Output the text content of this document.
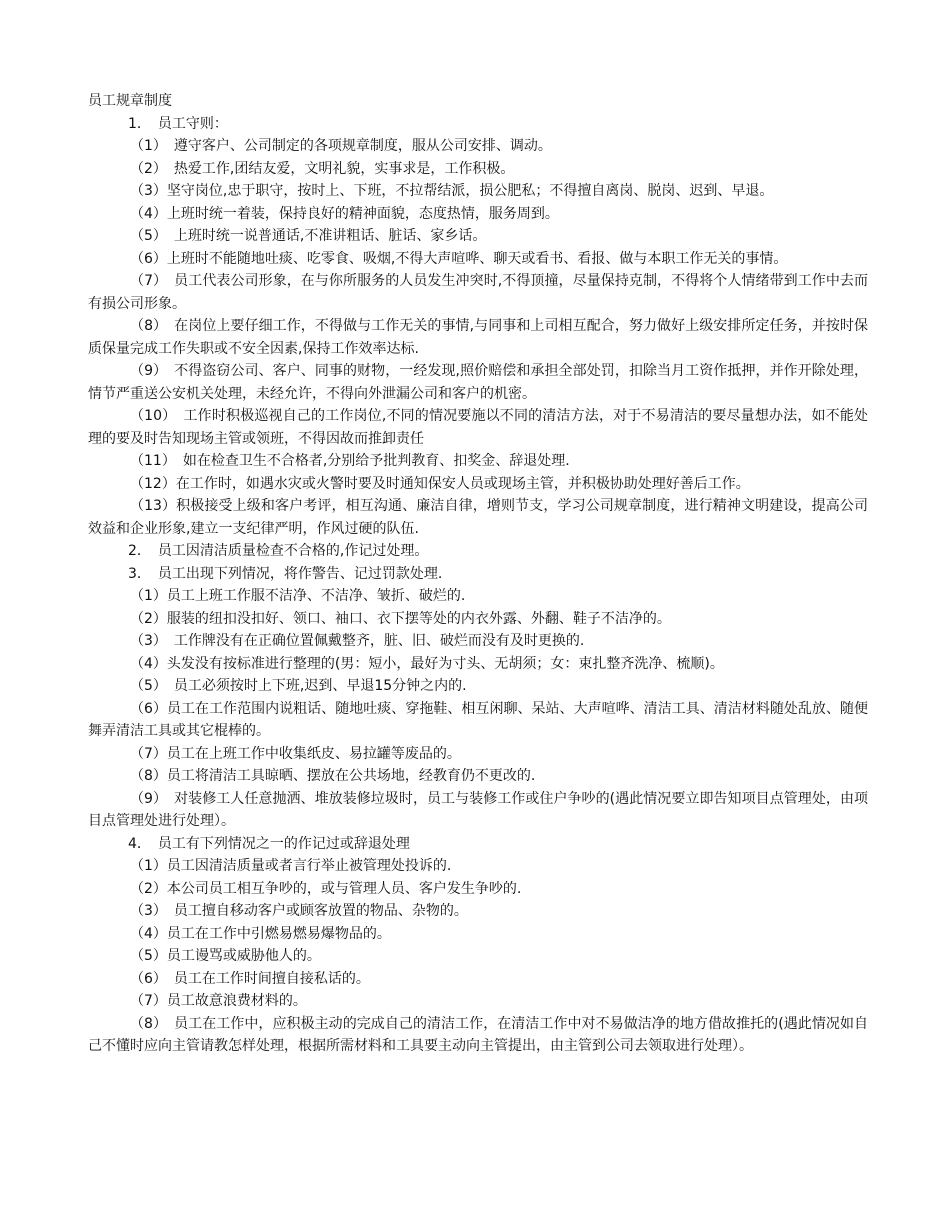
员工规章制度

1．　员工守则：

（1）　遵守客户、公司制定的各项规章制度，服从公司安排、调动。

（2）　热爱工作,团结友爱，文明礼貌，实事求是，工作积极。

（3）坚守岗位,忠于职守，按时上、下班，不拉帮结派，损公肥私；不得擅自离岗、脱岗、迟到、早退。

（4）上班时统一着装，保持良好的精神面貌，态度热情，服务周到。

（5）　上班时统一说普通话,不准讲粗话、脏话、家乡话。

（6）上班时不能随地吐痰、吃零食、吸烟,不得大声喧哗、聊天或看书、看报、做与本职工作无关的事情。

（7）　员工代表公司形象，在与你所服务的人员发生冲突时,不得顶撞，尽量保持克制，不得将个人情绪带到工作中去而有损公司形象。

（8）　在岗位上要仔细工作，不得做与工作无关的事情,与同事和上司相互配合，努力做好上级安排所定任务，并按时保质保量完成工作失职或不安全因素,保持工作效率达标.

（9）　不得盗窃公司、客户、同事的财物，一经发现,照价赔偿和承担全部处罚，扣除当月工资作抵押，并作开除处理，情节严重送公安机关处理，未经允许，不得向外泄漏公司和客户的机密。

（10）　工作时积极巡视自己的工作岗位,不同的情况要施以不同的清洁方法，对于不易清洁的要尽量想办法，如不能处理的要及时告知现场主管或领班，不得因故而推卸责任

（11）　如在检查卫生不合格者,分别给予批判教育、扣奖金、辞退处理.

（12）在工作时，如遇水灾或火警时要及时通知保安人员或现场主管，并积极协助处理好善后工作。

（13）积极接受上级和客户考评，相互沟通、廉洁自律，增则节支，学习公司规章制度，进行精神文明建设，提高公司效益和企业形象,建立一支纪律严明，作风过硬的队伍.

2．　员工因清洁质量检查不合格的,作记过处理。

3．　员工出现下列情况，将作警告、记过罚款处理.

（1）员工上班工作服不洁净、不洁净、皱折、破烂的.

（2）服装的纽扣没扣好、领口、袖口、衣下摆等处的内衣外露、外翻、鞋子不洁净的。

（3）　工作牌没有在正确位置佩戴整齐，脏、旧、破烂而没有及时更换的.

（4）头发没有按标准进行整理的(男：短小，最好为寸头、无胡须；女：束扎整齐洗净、梳顺)。

（5）　员工必须按时上下班,迟到、早退15分钟之内的.

（6）员工在工作范围内说粗话、随地吐痰、穿拖鞋、相互闲聊、呆站、大声喧哗、清洁工具、清洁材料随处乱放、随便舞弄清洁工具或其它棍棒的。

（7）员工在上班工作中收集纸皮、易拉罐等废品的。

（8）员工将清洁工具晾晒、摆放在公共场地，经教育仍不更改的.

（9）　对装修工人任意抛洒、堆放装修垃圾时，员工与装修工作或住户争吵的(遇此情况要立即告知项目点管理处，由项目点管理处进行处理）。

4．　员工有下列情况之一的作记过或辞退处理

（1）员工因清洁质量或者言行举止被管理处投诉的.

（2）本公司员工相互争吵的，或与管理人员、客户发生争吵的.

（3）　员工擅自移动客户或顾客放置的物品、杂物的。

（4）员工在工作中引燃易燃易爆物品的。

（5）员工谩骂或威胁他人的。

（6）　员工在工作时间擅自接私话的。

（7）员工故意浪费材料的。

（8）　员工在工作中，应积极主动的完成自己的清洁工作，在清洁工作中对不易做洁净的地方借故推托的(遇此情况如自己不懂时应向主管请教怎样处理，根据所需材料和工具要主动向主管提出，由主管到公司去领取进行处理）。
